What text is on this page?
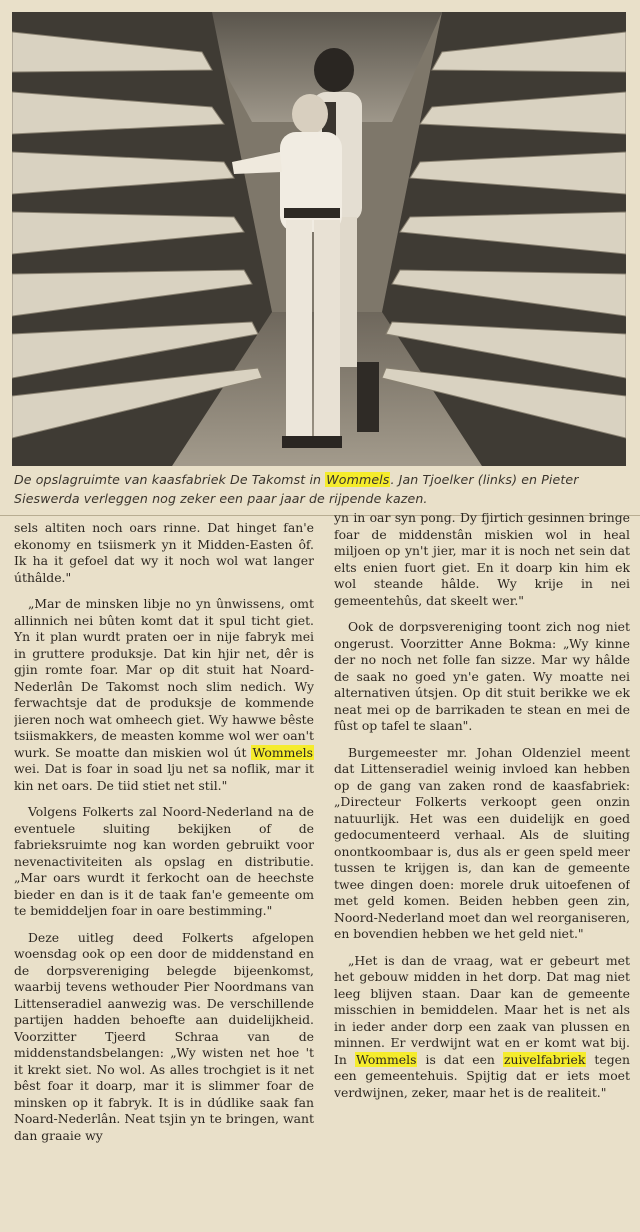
De opslagruimte van kaasfabriek De Takomst in Wommels. Jan Tjoelker (links) en Pieter Sieswerda verleggen nog zeker een paar jaar de rijpende kazen.

sels altiten noch oars rinne. Dat hinget fan'e ekonomy en tsiismerk yn it Midden-Easten ôf. Ik ha it gefoel dat wy it noch wol wat langer úthâlde."

„Mar de minsken libje no yn ûnwissens, omt allinnich nei bûten komt dat it spul ticht giet. Yn it plan wurdt praten oer in nije fabryk mei in gruttere produksje. Dat kin hjir net, dêr is gjin romte foar. Mar op dit stuit hat Noard-Nederlân De Takomst noch slim nedich. Wy ferwachtsje dat de produksje de kommende jieren noch wat omheech giet. Wy hawwe bêste tsiismakkers, de measten komme wol wer oan't wurk. Se moatte dan miskien wol út Wommels wei. Dat is foar in soad lju net sa noflik, mar it kin net oars. De tiid stiet net stil."

Volgens Folkerts zal Noord-Nederland na de eventuele sluiting bekijken of de fabrieksruimte nog kan worden gebruikt voor nevenactiviteiten als opslag en distributie. „Mar oars wurdt it ferkocht oan de heechste bieder en dan is it de taak fan'e gemeente om te bemiddeljen foar in oare bestimming."

Deze uitleg deed Folkerts afgelopen woensdag ook op een door de middenstand en de dorpsvereniging belegde bijeenkomst, waarbij tevens wethouder Pier Noordmans van Littenseradiel aanwezig was. De verschillende partijen hadden behoefte aan duidelijkheid. Voorzitter Tjeerd Schraa van de middenstandsbelangen: „Wy wisten net hoe 't it krekt siet. No wol. As alles trochgiet is it net bêst foar it doarp, mar it is slimmer foar de minsken op it fabryk. It is in dúdlike saak fan Noard-Nederlân. Neat tsjin yn te bringen, want dan graaie wy

yn in oar syn pong. Dy fjirtich gesinnen bringe foar de middenstân miskien wol in heal miljoen op yn't jier, mar it is noch net sein dat elts enien fuort giet. En it doarp kin him ek wol steande hâlde. Wy krije in nei gemeentehûs, dat skeelt wer."

Ook de dorpsvereniging toont zich nog niet ongerust. Voorzitter Anne Bokma: „Wy kinne der no noch net folle fan sizze. Mar wy hâlde de saak no goed yn'e gaten. Wy moatte nei alternativen útsjen. Op dit stuit berikke we ek neat mei op de barrikaden te stean en mei de fûst op tafel te slaan".

Burgemeester mr. Johan Oldenziel meent dat Littenseradiel weinig invloed kan hebben op de gang van zaken rond de kaasfabriek: „Directeur Folkerts verkoopt geen onzin natuurlijk. Het was een duidelijk en goed gedocumenteerd verhaal. Als de sluiting onontkoombaar is, dus als er geen speld meer tussen te krijgen is, dan kan de gemeente twee dingen doen: morele druk uitoefenen of met geld komen. Beiden hebben geen zin, Noord-Nederland moet dan wel reorganiseren, en bovendien hebben we het geld niet."

„Het is dan de vraag, wat er gebeurt met het gebouw midden in het dorp. Dat mag niet leeg blijven staan. Daar kan de gemeente misschien in bemiddelen. Maar het is net als in ieder ander dorp een zaak van plussen en minnen. Er verdwijnt wat en er komt wat bij. In Wommels is dat een zuivelfabriek tegen een gemeentehuis. Spijtig dat er iets moet verdwijnen, zeker, maar het is de realiteit."
